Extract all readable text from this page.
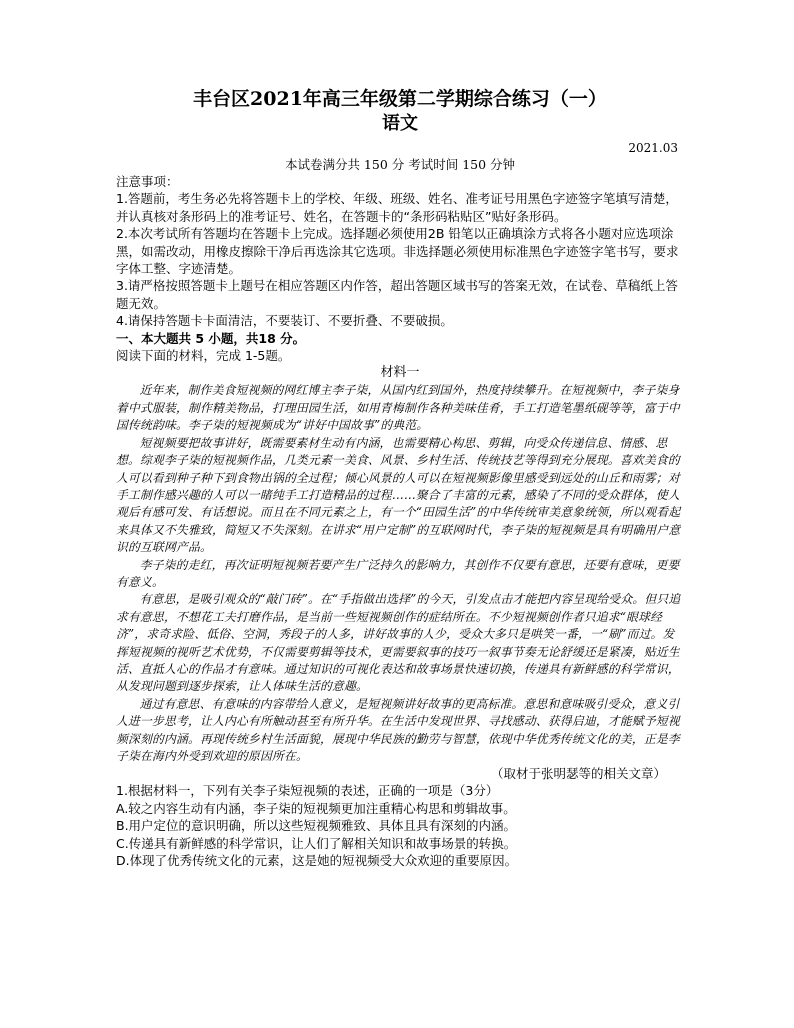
丰台区2021年高三年级第二学期综合练习（一）
语文
2021.03
本试卷满分共 150 分 考试时间 150 分钟

注意事项：

1.答题前，考生务必先将答题卡上的学校、年级、班级、姓名、准考证号用黑色字迹签字笔填写清楚，并认真核对条形码上的准考证号、姓名，在答题卡的“条形码粘贴区”贴好条形码。

2.本次考试所有答题均在答题卡上完成。选择题必须使用2B 铅笔以正确填涂方式将各小题对应选项涂黑，如需改动，用橡皮擦除干净后再选涂其它选项。非选择题必须使用标准黑色字迹签字笔书写，要求字体工整、字迹清楚。

3.请严格按照答题卡上题号在相应答题区内作答，超出答题区域书写的答案无效，在试卷、草稿纸上答题无效。

4.请保持答题卡卡面清洁，不要装订、不要折叠、不要破损。

一、本大题共 5 小题，共18 分。

阅读下面的材料，完成 1-5题。

材料一

近年来，制作美食短视频的网红博主李子柒，从国内红到国外，热度持续攀升。在短视频中，李子柒身着中式服装，制作精美物品，打理田园生活，如用青梅制作各种美味佳肴，手工打造笔墨纸砚等等，富于中国传统韵味。李子柒的短视频成为“讲好中国故事”的典范。

短视频要把故事讲好，既需要素材生动有内涵，也需要精心构思、剪辑，向受众传递信息、情感、思想。综观李子柒的短视频作品，几类元素一美食、风景、乡村生活、传统技艺等得到充分展现。喜欢美食的人可以看到种子种下到食物出锅的全过程；倾心风景的人可以在短视频影像里感受到远处的山丘和雨雾；对手工制作感兴趣的人可以一睹纯手工打造精品的过程……聚合了丰富的元素，感染了不同的受众群体，使人观后有感可发、有话想说。而且在不同元素之上，有一个“田园生活”的中华传统审美意象统领，所以观看起来具体又不失雅致，简短又不失深刻。在讲求“用户定制”的互联网时代，李子柒的短视频是具有明确用户意识的互联网产品。

李子柒的走红，再次证明短视频若要产生广泛持久的影响力，其创作不仅要有意思，还要有意味，更要有意义。

有意思，是吸引观众的“敲门砖”。在“手指做出选择”的今天，引发点击才能把内容呈现给受众。但只追求有意思，不想花工夫打磨作品，是当前一些短视频创作的症结所在。不少短视频创作者只追求“眼球经济”，求奇求险、低俗、空洞，秀段子的人多，讲好故事的人少，受众大多只是哄笑一番，一“刷”而过。发挥短视频的视听艺术优势，不仅需要剪辑等技术，更需要叙事的技巧一叙事节奏无论舒缓还是紧凑，贴近生活、直抵人心的作品才有意味。通过知识的可视化表达和故事场景快速切换，传递具有新鲜感的科学常识，从发现问题到逐步探索，让人体味生活的意趣。

通过有意思、有意味的内容带给人意义，是短视频讲好故事的更高标准。意思和意味吸引受众，意义引人进一步思考，让人内心有所触动甚至有所升华。在生活中发现世界、寻找感动、获得启迪，才能赋予短视频深刻的内涵。再现传统乡村生活面貌，展现中华民族的勤劳与智慧，依现中华优秀传统文化的美，正是李子柒在海内外受到欢迎的原因所在。

（取材于张明瑟等的相关文章）

1.根据材料一，下列有关李子柒短视频的表述，正确的一项是（3分）

A.较之内容生动有内涵，李子柒的短视频更加注重精心构思和剪辑故事。

B.用户定位的意识明确，所以这些短视频雅致、具体且具有深刻的内涵。

C.传递具有新鲜感的科学常识，让人们了解相关知识和故事场景的转换。

D.体现了优秀传统文化的元素，这是她的短视频受大众欢迎的重要原因。
